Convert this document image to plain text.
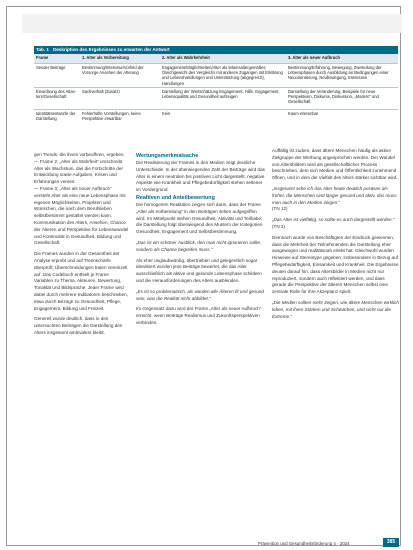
Tab. 1 Deskription des Ergebnisses zu erwarten der Antwort
Frame	1. Alter als Vorbereitung	2. Alter als Wahrkehrheit	3. Alter als neuer Aufbruch
Sender Beiträge	Bestimmung/Interesse/Vorfeld der Vorsorge Ansehen der Alterung	Engagement/Möglichkeiten/Alter als lebensaltergemäßes Gleichgewicht des Vergleichs mit anderen Zugangen mit Erklärung und Lebenshandlungen und Unterstützung (abgegrenzt), Handlungen	Bestimmung/Erfahrung, Bewegung, Zweiteilung der Lebensphasen durch Ausbildung an Bedingungen einer Neuorientierung, Neubewegung, Interessen
Einordnung des Altasters/Gesellschaft	Sachverhalt (Zusatz)	Darstellung der Wertschätzung Engagement, Hilfe, Engagement, Lebensqualität und Gesundheit aufzeigen	Darstellung der Veränderung, Beispiele für neue Perspektiven, Diskurse, Diskussion, „Modern“ und Gesellschaft
Identitätsentwürfe der Darstellung	Fehlerhafte Vorstellungen, keine Perspektive erwartbar	Kein	Kaum erkennbar

gen Trends, die ihnen vorbeufhren, ergeben.

— Frame 2: „Alter als Wahrheit“ umschreibt Alter als Wachstum, das die Fortschritte der Entwicklung sowie Aufgaben, Krisen und Erfahrungen vereint.

— Frame 3: „Alter als neuer Aufbruch“ versteht Alter als eine neue Lebensphase mit eigenen Möglichkeiten, Projekten und Wünschen, die nach dem Berufsleben selbstbestimmt gestaltet werden kann. Kommunikation des Alters, Ansehen, Chance der Älteren und Perspektive für Lebenswandel und Kontinuität in Gesundheit, Bildung und Gesellschaft.

Die Frames wurden in der Gesamtheit der Analyse erprobt und auf Trennschärfe überprüft; Überschneidungen traten vereinzelt auf. Das Codebuch enthielt je Frame Variablen zu Thema, Akteuren, Bewertung, Tonalität und Bildsprache. Jeder Frame wird dabei durch mehrere Indikatoren beschrieben, etwa durch Bezüge zu Gesundheit, Pflege, Engagement, Bildung und Freizeit.

Generell wurde deutlich, dass in den untersuchten Beiträgen die Darstellung des Alters insgesamt ambivalent bleibt.

Wertungsmerkmalsache

Die Realisierung der Frames in den Medien zeigt deutliche Unterschiede. In der überwiegenden Zahl der Beiträge wird das Alter in einem neutralen bis positiven Licht dargestellt, negative Aspekte wie Krankheit und Pflegebedürftigkeit stehen seltener im Vordergrund.

Realtiven und Anteilbewertung

Die homogenen Realitäten zeigen sich darin, dass der Frame „Alter als Vorbereitung“ in den Beiträgen selten aufgegriffen wird. Im Mittelpunkt stehen Gesundheit, Aktivität und Teilhabe; die Darstellung folgt überwiegend den Mustern der Kategorien Gesundheit, Engagement und Selbstbestimmung.

„Das ist ein schöner Ausblick, den man nicht ignorieren sollte, sondern als Chance begreifen muss.“

Als eher unglaubwürdig, übertrieben und gelegentlich sogar idealisiert wurden jene Beiträge bewertet, die das Alter ausschließlich als aktive und gesunde Lebensphase schildern und die Herausforderungen des Alters ausblenden.

„Es ist so problematisch, als würden alle Älteren fit und gesund sein, was die Realität nicht abbildet.“

Im Gegensatz dazu wird der Frame „Alter als neuer Aufbruch“ erreicht, wenn Beiträge Realismus und Zukunftsperspektiven verbinden.

Auffällig ist zudem, dass ältere Menschen häufig als aktive Zielgruppe der Werbung angesprochen werden. Der Wandel von Altersbildern wird als gesellschaftlicher Prozess beschrieben, dem sich Medien und Öffentlichkeit zunehmend öffnen, und in dem die Vielfalt des Alters stärker sichtbar wird.

„Insgesamt sehe ich das Alter heute deutlich positiver als früher, die Menschen sind länger gesund und aktiv, das muss man auch in den Medien zeigen.“

(TN 12)

„Das Alter ist vielfältig, so sollte es auch dargestellt werden.“

(TN 3)

Demnach wurde von Beschäftigten der Eindruck gewonnen, dass die Mehrheit der Teilnehmenden die Darstellung eher ausgewogen und realitätsnah erlebt hat. Gleichwohl wurden Hinweise auf Stereotype gegeben, insbesondere in Bezug auf Pflegebedürftigkeit, Einsamkeit und Krankheit. Die Ergebnisse deuten darauf hin, dass Altersbilder in Medien nicht nur reproduziert, sondern auch reflektiert werden, und dass gerade die Perspektive der älteren Menschen selbst eine zentrale Rolle für ihre Akzeptanz spielt.

„Die Medien sollten mehr zeigen, wie ältere Menschen wirklich leben, mit ihren Stärken und Schwächen, und nicht nur die Extreme.“

Prävention und Gesundheitsförderung 4 · 2024	385
